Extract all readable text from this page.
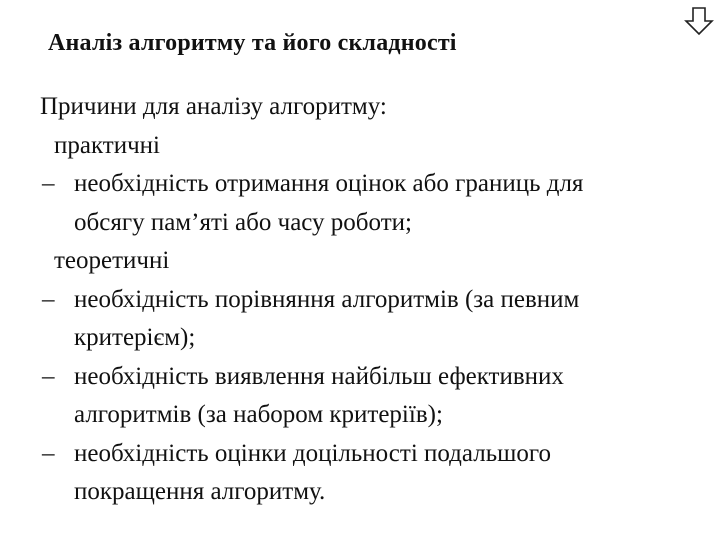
Аналіз алгоритму та його складності
Причини для аналізу алгоритму:
практичні
– необхідність отримання оцінок або границь для
обсягу пам’яті або часу роботи;
теоретичні
– необхідність порівняння алгоритмів (за певним
критерієм);
– необхідність виявлення найбільш ефективних
алгоритмів (за набором критеріїв);
– необхідність оцінки доцільності подальшого
покращення алгоритму.
